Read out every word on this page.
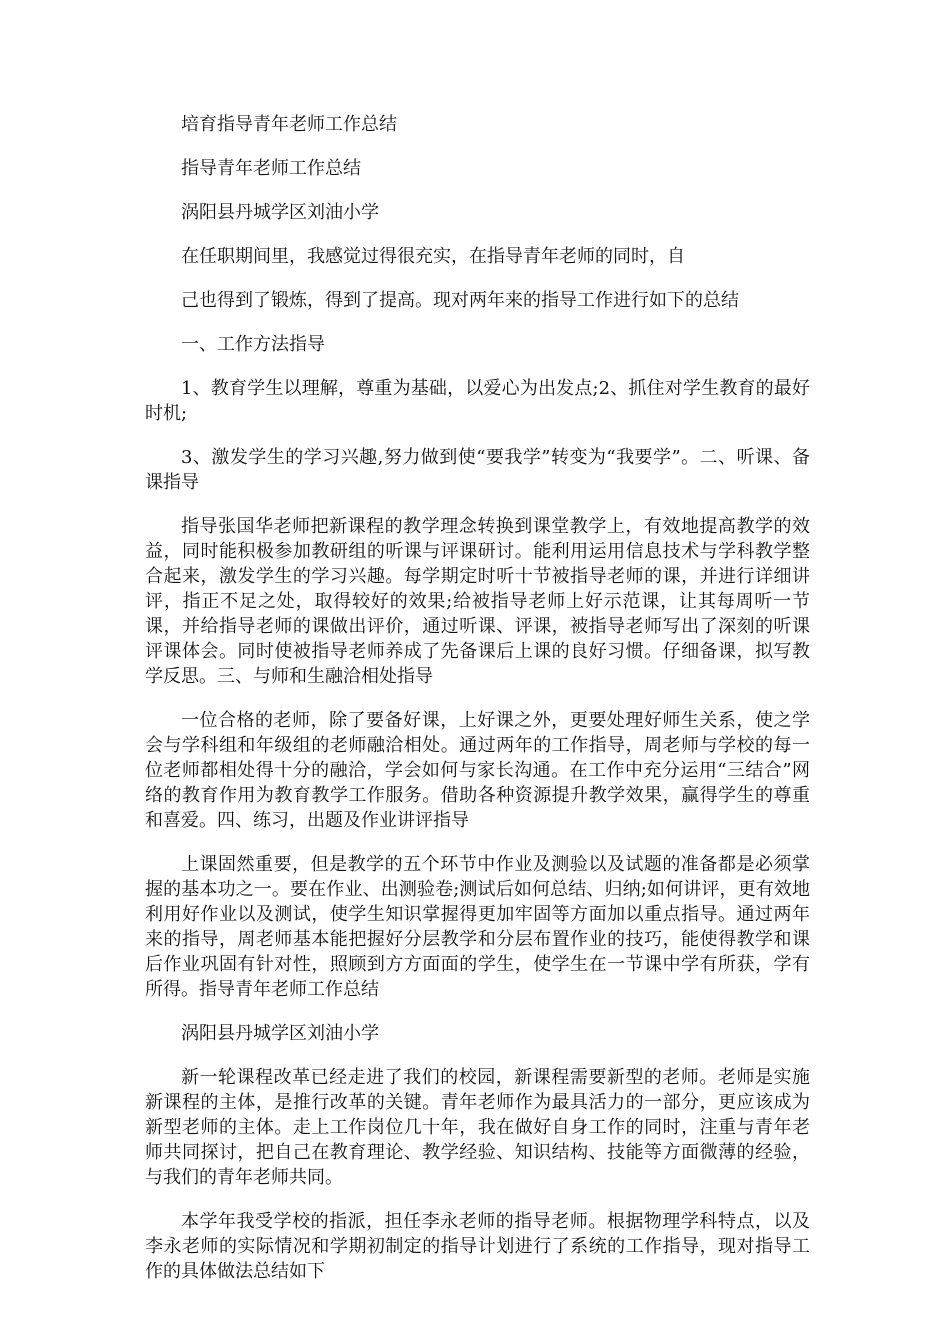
培育指导青年老师工作总结

指导青年老师工作总结

涡阳县丹城学区刘油小学

在任职期间里，我感觉过得很充实，在指导青年老师的同时，自

己也得到了锻炼，得到了提高。现对两年来的指导工作进行如下的总结

一、工作方法指导

1、教育学生以理解，尊重为基础，以爱心为出发点;2、抓住对学生教育的最好时机;

3、激发学生的学习兴趣,努力做到使“要我学”转变为“我要学”。二、听课、备课指导

指导张国华老师把新课程的教学理念转换到课堂教学上，有效地提高教学的效益，同时能积极参加教研组的听课与评课研讨。能利用运用信息技术与学科教学整合起来，激发学生的学习兴趣。每学期定时听十节被指导老师的课，并进行详细讲评，指正不足之处，取得较好的效果;给被指导老师上好示范课，让其每周听一节课，并给指导老师的课做出评价，通过听课、评课，被指导老师写出了深刻的听课评课体会。同时使被指导老师养成了先备课后上课的良好习惯。仔细备课，拟写教学反思。三、与师和生融洽相处指导

一位合格的老师，除了要备好课，上好课之外，更要处理好师生关系，使之学会与学科组和年级组的老师融洽相处。通过两年的工作指导，周老师与学校的每一位老师都相处得十分的融洽，学会如何与家长沟通。在工作中充分运用“三结合”网络的教育作用为教育教学工作服务。借助各种资源提升教学效果，赢得学生的尊重和喜爱。四、练习，出题及作业讲评指导

上课固然重要，但是教学的五个环节中作业及测验以及试题的准备都是必须掌握的基本功之一。要在作业、出测验卷;测试后如何总结、归纳;如何讲评，更有效地利用好作业以及测试，使学生知识掌握得更加牢固等方面加以重点指导。通过两年来的指导，周老师基本能把握好分层教学和分层布置作业的技巧，能使得教学和课后作业巩固有针对性，照顾到方方面面的学生，使学生在一节课中学有所获，学有所得。指导青年老师工作总结

涡阳县丹城学区刘油小学

新一轮课程改革已经走进了我们的校园，新课程需要新型的老师。老师是实施新课程的主体，是推行改革的关键。青年老师作为最具活力的一部分，更应该成为新型老师的主体。走上工作岗位几十年，我在做好自身工作的同时，注重与青年老师共同探讨，把自己在教育理论、教学经验、知识结构、技能等方面微薄的经验，与我们的青年老师共同。

本学年我受学校的指派，担任李永老师的指导老师。根据物理学科特点，以及李永老师的实际情况和学期初制定的指导计划进行了系统的工作指导，现对指导工作的具体做法总结如下
